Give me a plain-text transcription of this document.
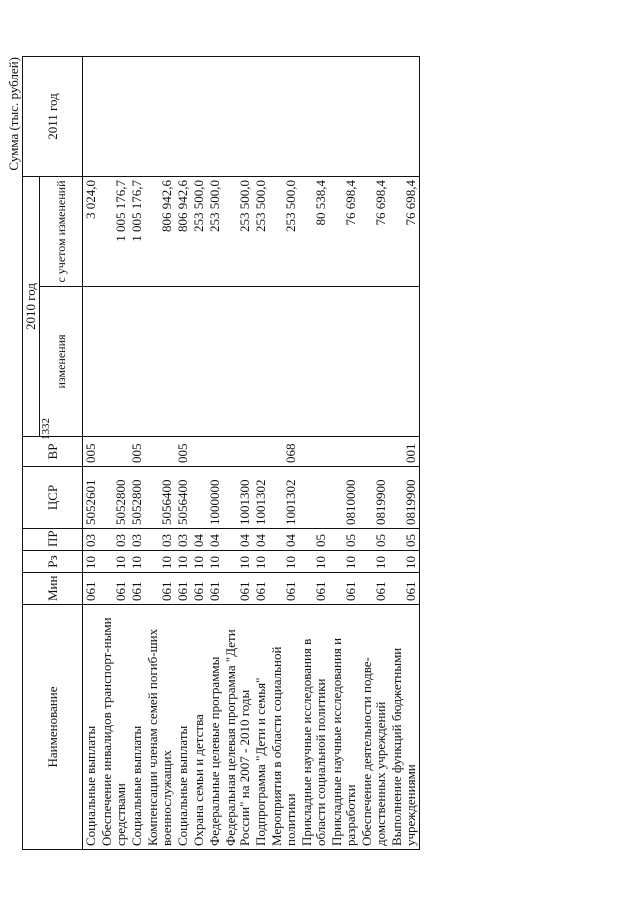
1332
Сумма (тыс. рублей)
Наименование	Мин	Рз	ПР	ЦСР	ВР	2010 год		2011 год
						изменения	с учетом изменений	
Социальные выплаты	061	10	03	5052601	005		3 024,0	
Обеспечение инвалидов транспорт-ными средствами	061	10	03	5052800			1 005 176,7	
Социальные выплаты	061	10	03	5052800	005		1 005 176,7	
Компенсации членам семей погиб-ших военнослужащих	061	10	03	5056400			806 942,6	
Социальные выплаты	061	10	03	5056400	005		806 942,6	
Охрана семьи и детства	061	10	04				253 500,0	
Федеральные целевые программы	061	10	04	1000000			253 500,0	
Федеральная целевая программа "Дети России" на 2007 - 2010 годы	061	10	04	1001300			253 500,0	
Подпрограмма "Дети и семья"	061	10	04	1001302			253 500,0	
Мероприятия в области социальной политики	061	10	04	1001302	068		253 500,0	
Прикладные научные исследования в области социальной политики	061	10	05				80 538,4	
Прикладные научные исследования и разработки	061	10	05	0810000			76 698,4	
Обеспечение деятельности подве-домственных учреждений	061	10	05	0819900			76 698,4	
Выполнение функций бюджетными учреждениями	061	10	05	0819900	001		76 698,4	
